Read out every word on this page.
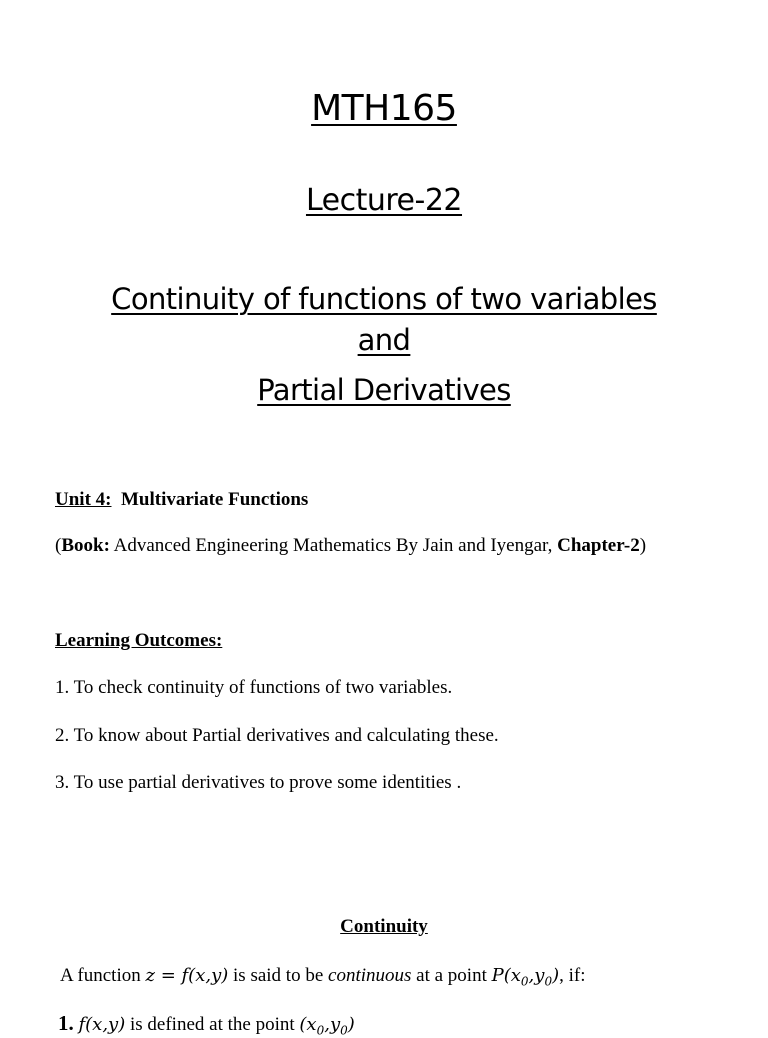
MTH165
Lecture-22
Continuity of functions of two variables
and
Partial Derivatives
Unit 4: Multivariate Functions
(Book: Advanced Engineering Mathematics By Jain and Iyengar, Chapter-2)
Learning Outcomes:
1. To check continuity of functions of two variables.
2. To know about Partial derivatives and calculating these.
3. To use partial derivatives to prove some identities .
Continuity
A function z = f(x,y) is said to be continuous at a point $P(x_0,y_0)$, if:
1. f(x,y) is defined at the point $(x_0,y_0)$
